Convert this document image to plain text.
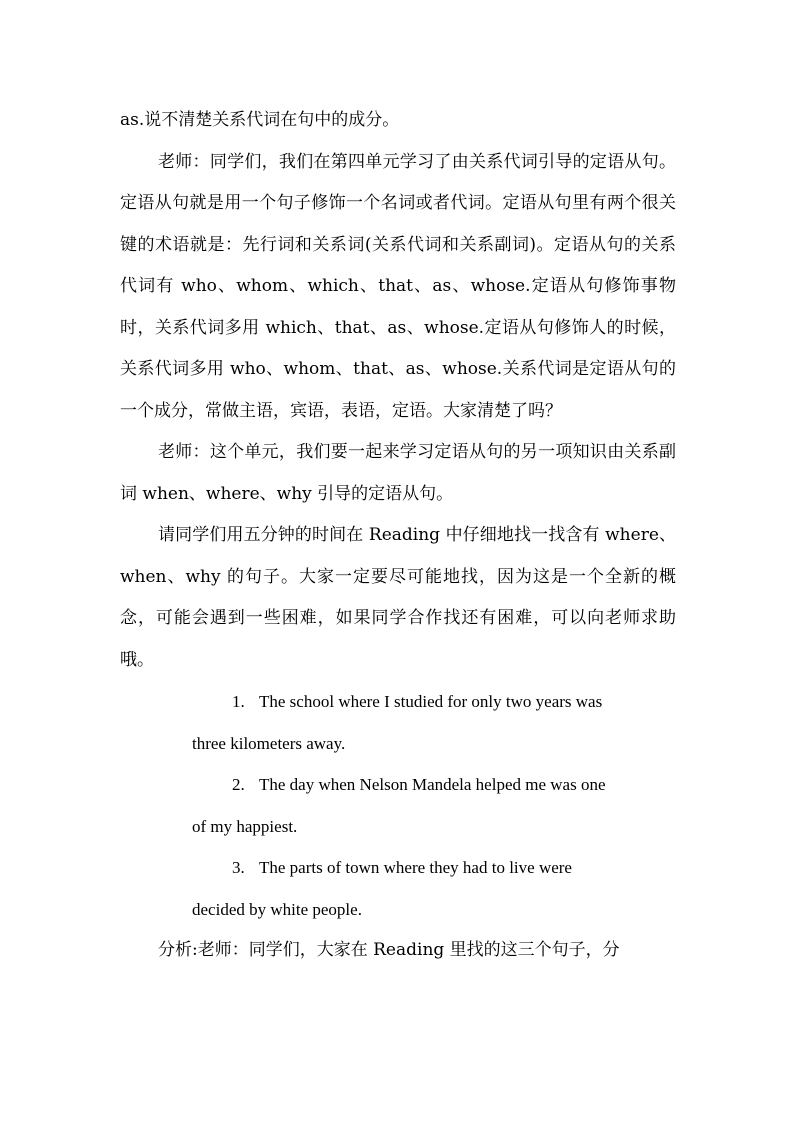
as.说不清楚关系代词在句中的成分。

老师：同学们，我们在第四单元学习了由关系代词引导的定语从句。定语从句就是用一个句子修饰一个名词或者代词。定语从句里有两个很关键的术语就是：先行词和关系词(关系代词和关系副词)。定语从句的关系代词有 who、whom、which、that、as、whose.定语从句修饰事物时，关系代词多用 which、that、as、whose.定语从句修饰人的时候，关系代词多用 who、whom、that、as、whose.关系代词是定语从句的一个成分，常做主语，宾语，表语，定语。大家清楚了吗？

老师：这个单元，我们要一起来学习定语从句的另一项知识由关系副词 when、where、why 引导的定语从句。

请同学们用五分钟的时间在 Reading 中仔细地找一找含有 where、when、why 的句子。大家一定要尽可能地找，因为这是一个全新的概念，可能会遇到一些困难，如果同学合作找还有困难，可以向老师求助哦。

1. The school where I studied for only two years was

three kilometers away.

2. The day when Nelson Mandela helped me was one

of my happiest.

3. The parts of town where they had to live were

decided by white people.

分析:老师：同学们，大家在 Reading 里找的这三个句子，分
